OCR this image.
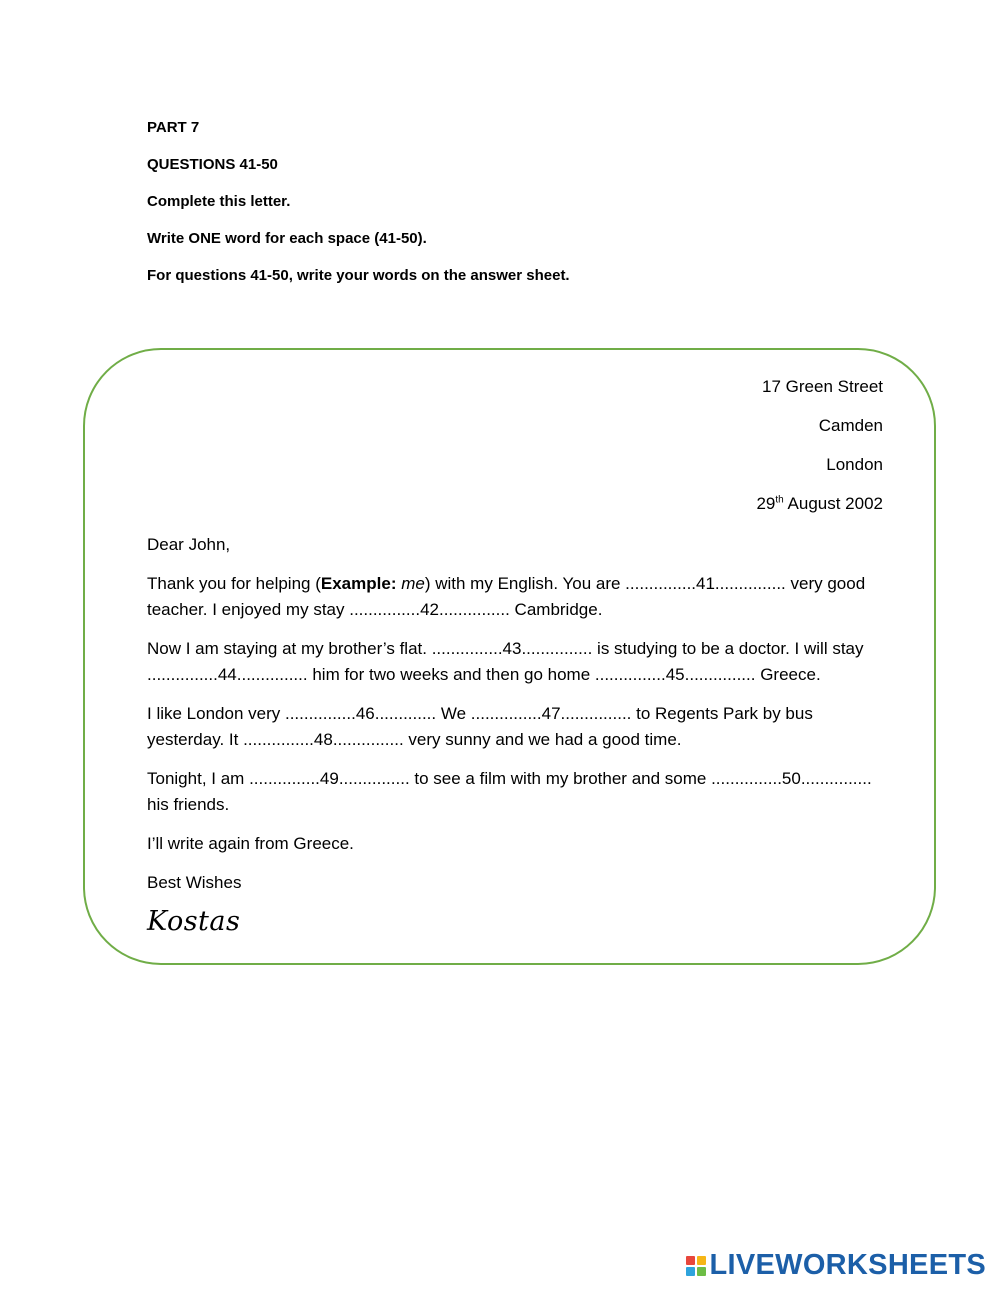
PART 7
QUESTIONS 41-50
Complete this letter.
Write ONE word for each space (41-50).
For questions 41-50, write your words on the answer sheet.
17 Green Street
Camden
London
29th August 2002

Dear John,

Thank you for helping (Example: me) with my English. You are ...............41............... very good teacher. I enjoyed my stay ...............42............... Cambridge.

Now I am staying at my brother’s flat. ...............43............... is studying to be a doctor. I will stay ...............44............... him for two weeks and then go home ...............45............... Greece.

I like London very ...............46............. We ...............47............... to Regents Park by bus yesterday. It ...............48............... very sunny and we had a good time.

Tonight, I am ...............49............... to see a film with my brother and some ...............50............... his friends.

I’ll write again from Greece.

Best Wishes

Kostas
LIVEWORKSHEETS
